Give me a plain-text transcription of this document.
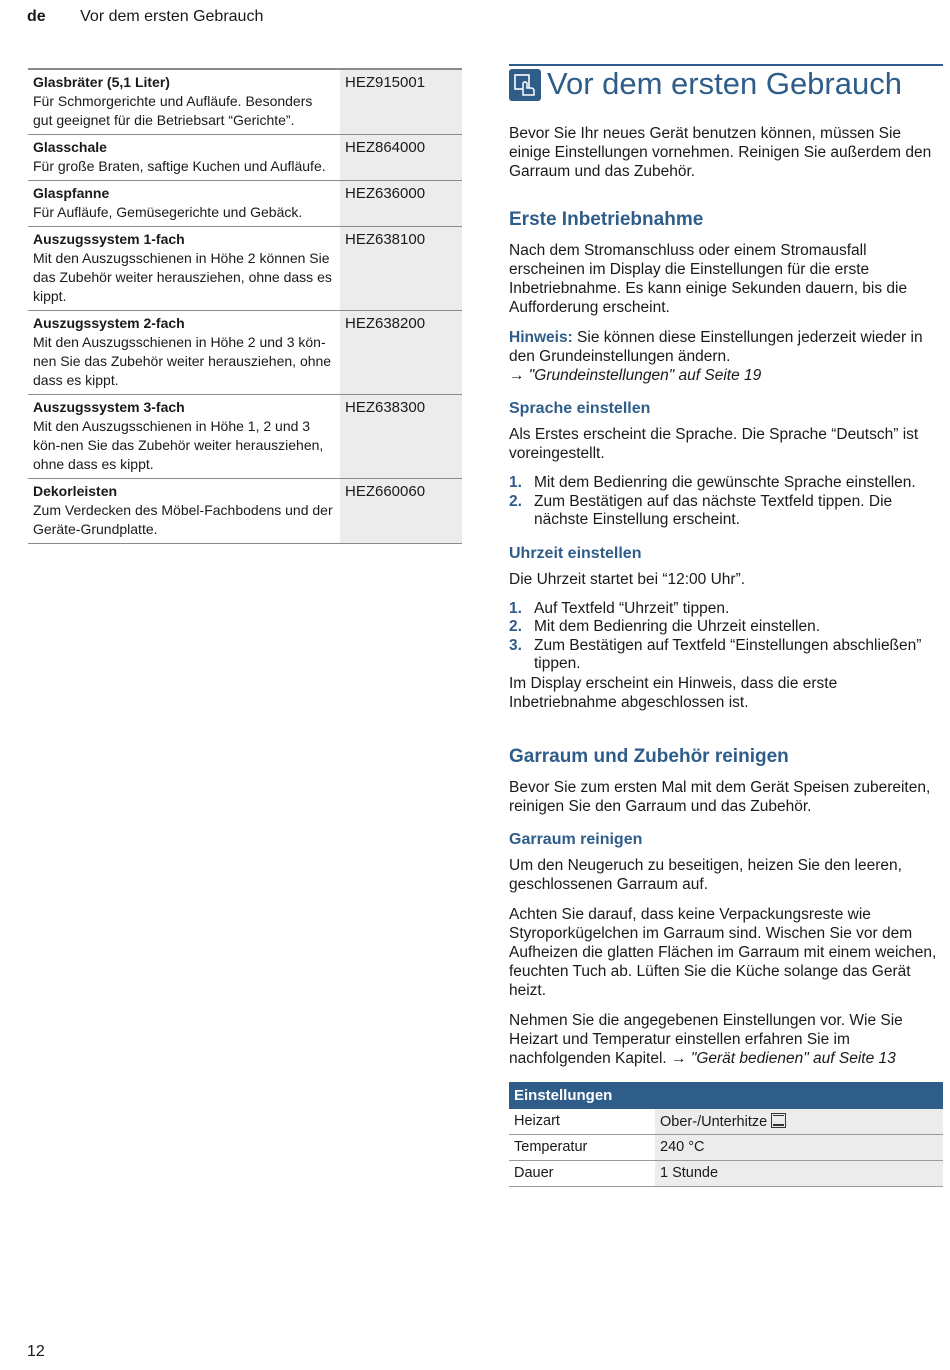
de Vor dem ersten Gebrauch
Glasbräter (5,1 Liter)
Für Schmorgerichte und Aufläufe. Besonders gut geeignet für die Betriebsart “Gerichte”.	HEZ915001

Glasschale
Für große Braten, saftige Kuchen und Aufläufe.	HEZ864000

Glaspfanne
Für Aufläufe, Gemüsegerichte und Gebäck.	HEZ636000

Auszugssystem 1-fach
Mit den Auszugsschienen in Höhe 2 können Sie das Zubehör weiter herausziehen, ohne dass es kippt.	HEZ638100

Auszugssystem 2-fach
Mit den Auszugsschienen in Höhe 2 und 3 kön-nen Sie das Zubehör weiter herausziehen, ohne dass es kippt.	HEZ638200

Auszugssystem 3-fach
Mit den Auszugsschienen in Höhe 1, 2 und 3 kön-nen Sie das Zubehör weiter herausziehen, ohne dass es kippt.	HEZ638300

Dekorleisten
Zum Verdecken des Möbel-Fachbodens und der Geräte-Grundplatte.	HEZ660060
Vor dem ersten Gebrauch

Bevor Sie Ihr neues Gerät benutzen können, müssen Sie einige Einstellungen vornehmen. Reinigen Sie außerdem den Garraum und das Zubehör.

Erste Inbetriebnahme

Nach dem Stromanschluss oder einem Stromausfall erscheinen im Display die Einstellungen für die erste Inbetriebnahme. Es kann einige Sekunden dauern, bis die Aufforderung erscheint.

Hinweis: Sie können diese Einstellungen jederzeit wieder in den Grundeinstellungen ändern.
→ "Grundeinstellungen" auf Seite 19

Sprache einstellen

Als Erstes erscheint die Sprache. Die Sprache “Deutsch” ist voreingestellt.

1. Mit dem Bedienring die gewünschte Sprache einstellen.
2. Zum Bestätigen auf das nächste Textfeld tippen. Die nächste Einstellung erscheint.
Uhrzeit einstellen

Die Uhrzeit startet bei “12:00 Uhr”.

1. Auf Textfeld “Uhrzeit” tippen.
2. Mit dem Bedienring die Uhrzeit einstellen.
3. Zum Bestätigen auf Textfeld “Einstellungen abschließen” tippen.

Im Display erscheint ein Hinweis, dass die erste Inbetriebnahme abgeschlossen ist.

Garraum und Zubehör reinigen

Bevor Sie zum ersten Mal mit dem Gerät Speisen zubereiten, reinigen Sie den Garraum und das Zubehör.

Garraum reinigen

Um den Neugeruch zu beseitigen, heizen Sie den leeren, geschlossenen Garraum auf.

Achten Sie darauf, dass keine Verpackungsreste wie Styroporkügelchen im Garraum sind. Wischen Sie vor dem Aufheizen die glatten Flächen im Garraum mit einem weichen, feuchten Tuch ab. Lüften Sie die Küche solange das Gerät heizt.

Nehmen Sie die angegebenen Einstellungen vor. Wie Sie Heizart und Temperatur einstellen erfahren Sie im nachfolgenden Kapitel. → "Gerät bedienen" auf Seite 13

Einstellungen	
Heizart	Ober-/Unterhitze
Temperatur	240 °C
Dauer	1 Stunde
12
